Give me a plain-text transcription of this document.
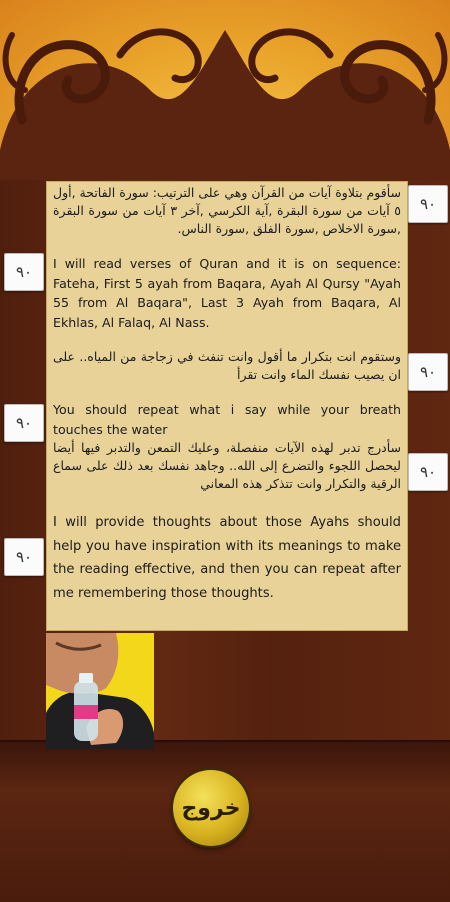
٩٠
٩٠
٩٠
٩٠
٩٠
٩٠

سأقوم بتلاوة آيات من القرآن وهي على الترتيب: سورة الفاتحة ,أول ٥ آيات من سورة البقرة ,آية الكرسي ,آخر ٣ آيات من سورة البقرة ,سورة الاخلاص ,سورة الفلق ,سورة الناس.

I will read verses of Quran and it is on sequence: Fateha, First 5 ayah from Baqara, Ayah Al Qursy "Ayah 55 from Al Baqara", Last 3 Ayah from Baqara, Al Ekhlas, Al Falaq, Al Nass.

وستقوم انت بتكرار ما أقول وانت تنفث في زجاجة من المياه.. على ان يصيب نفسك الماء وانت تقرأ

You should repeat what i say while your breath touches the water

سأدرج تدبر لهذه الآيات منفصلة، وعليك التمعن والتدبر فيها أيضا ليحصل اللجوء والتضرع إلى الله.. وجاهد نفسك بعد ذلك على سماع الرقية والتكرار وانت تتذكر هذه المعاني

I will provide thoughts about those Ayahs should help you have inspiration with its meanings to make the reading effective, and then you can repeat after me remembering those thoughts.

خروج
